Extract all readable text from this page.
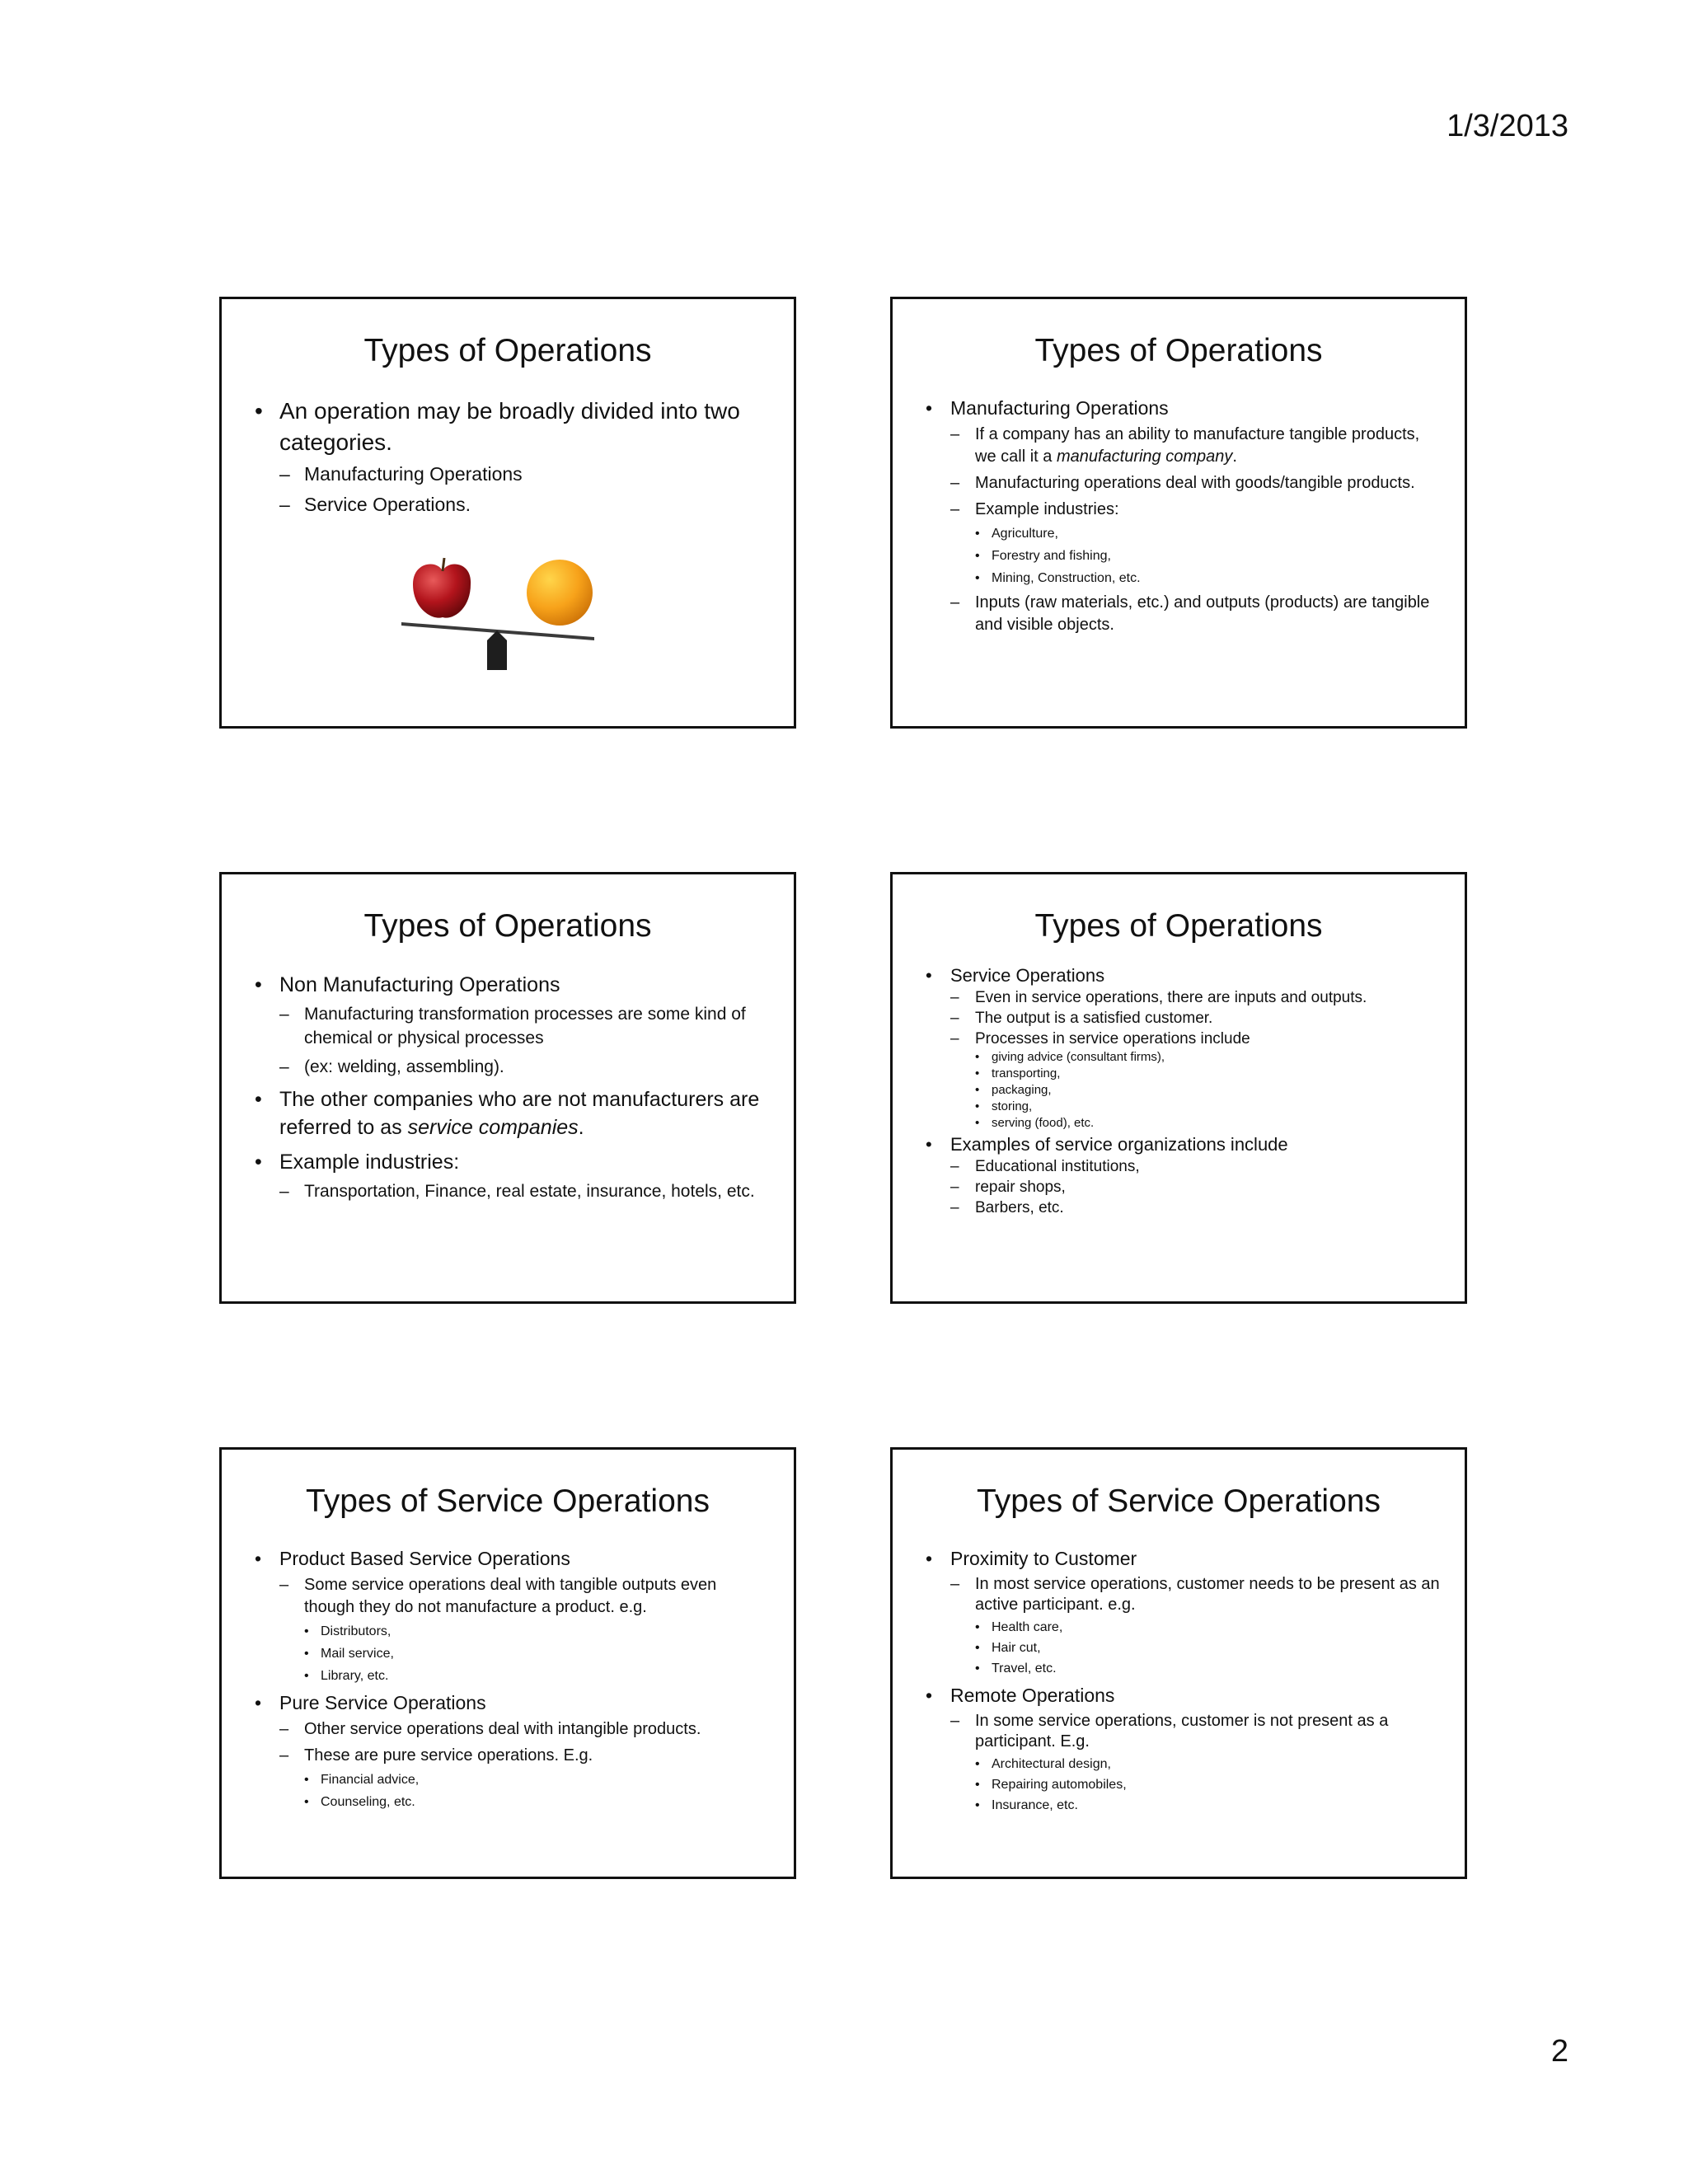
1/3/2013
Types of Operations
• An operation may be broadly divided into two categories.
– Manufacturing Operations
– Service Operations.
Types of Operations
• Manufacturing Operations
– If a company has an ability to manufacture tangible products, we call it a manufacturing company.
– Manufacturing operations deal with goods/tangible products.
– Example industries:
• Agriculture,
• Forestry and fishing,
• Mining, Construction, etc.
– Inputs (raw materials, etc.) and outputs (products) are tangible and visible objects.
Types of Operations
• Non Manufacturing Operations
– Manufacturing transformation processes are some kind of chemical or physical processes
– (ex: welding, assembling).
• The other companies who are not manufacturers are referred to as service companies.
• Example industries:
– Transportation, Finance, real estate, insurance, hotels, etc.
Types of Operations
• Service Operations
– Even in service operations, there are inputs and outputs.
– The output is a satisfied customer.
– Processes in service operations include
• giving advice (consultant firms),
• transporting,
• packaging,
• storing,
• serving (food), etc.
• Examples of service organizations include
– Educational institutions,
– repair shops,
– Barbers, etc.
Types of Service Operations
• Product Based Service Operations
– Some service operations deal with tangible outputs even though they do not manufacture a product. e.g.
• Distributors,
• Mail service,
• Library, etc.
• Pure Service Operations
– Other service operations deal with intangible products.
– These are pure service operations. E.g.
• Financial advice,
• Counseling, etc.
Types of Service Operations
• Proximity to Customer
– In most service operations, customer needs to be present as an active participant. e.g.
• Health care,
• Hair cut,
• Travel, etc.
• Remote Operations
– In some service operations, customer is not present as a participant. E.g.
• Architectural design,
• Repairing automobiles,
• Insurance, etc.
2
